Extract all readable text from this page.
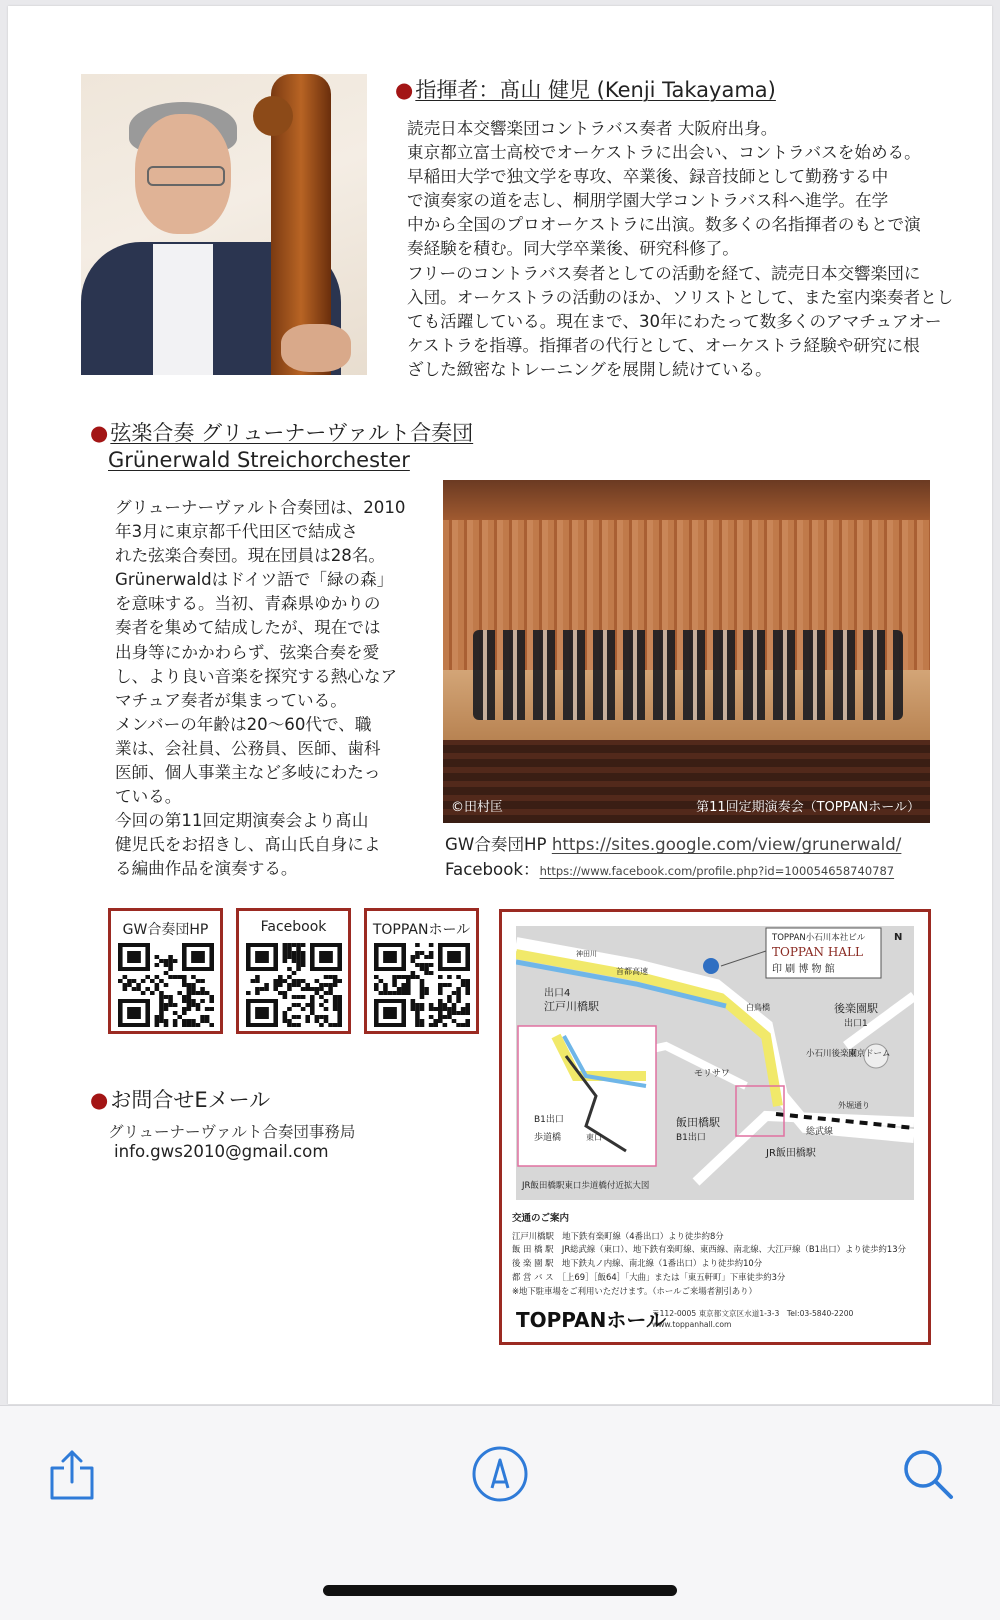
●指揮者：髙山 健児 (Kenji Takayama)

読売日本交響楽団コントラバス奏者 大阪府出身。

東京都立富士高校でオーケストラに出会い、コントラバスを始める。

早稲田大学で独文学を専攻、卒業後、録音技師として勤務する中

で演奏家の道を志し、桐朋学園大学コントラバス科へ進学。在学

中から全国のプロオーケストラに出演。数多くの名指揮者のもとで演

奏経験を積む。同大学卒業後、研究科修了。

フリーのコントラバス奏者としての活動を経て、読売日本交響楽団に

入団。オーケストラの活動のほか、ソリストとして、また室内楽奏者とし

ても活躍している。現在まで、30年にわたって数多くのアマチュアオー

ケストラを指導。指揮者の代行として、オーケストラ経験や研究に根

ざした緻密なトレーニングを展開し続けている。

●弦楽合奏 グリューナーヴァルト合奏団
Grünerwald Streichorchester

グリューナーヴァルト合奏団は、2010

年3月に東京都千代田区で結成さ

れた弦楽合奏団。現在団員は28名。

Grünerwaldはドイツ語で「緑の森」

を意味する。当初、青森県ゆかりの

奏者を集めて結成したが、現在では

出身等にかかわらず、弦楽合奏を愛

し、より良い音楽を探究する熱心なア

マチュア奏者が集まっている。

メンバーの年齢は20〜60代で、職

業は、会社員、公務員、医師、歯科

医師、個人事業主など多岐にわたっ

ている。

今回の第11回定期演奏会より髙山

健児氏をお招きし、髙山氏自身によ

る編曲作品を演奏する。

©田村匡	第11回定期演奏会（TOPPANホール）
GW合奏団HP https://sites.google.com/view/grunerwald/
Facebook：https://www.facebook.com/profile.php?id=100054658740787
GW合奏団HP	Facebook	TOPPANホール
●お問合せEメール
グリューナーヴァルト合奏団事務局
info.gws2010@gmail.com
TOPPAN小石川本社ビル
TOPPAN HALL
印 刷 博 物 館
N
出口4
江戸川橋駅	後楽園駅
出口1
飯田橋駅
B1出口
JR飯田橋駅
小石川後楽園
東京ドーム
首都高速
外堀通り
総武線
モリサワ
白鳥橋
神田川
B1出口
歩道橋	東口
JR飯田橋駅東口歩道橋付近拡大図

交通のご案内

江戸川橋駅　地下鉄有楽町線（4番出口）より徒歩約8分

飯 田 橋 駅　JR総武線（東口）、地下鉄有楽町線、東西線、南北線、大江戸線（B1出口）より徒歩約13分

後 楽 園 駅　地下鉄丸ノ内線、南北線（1番出口）より徒歩約10分

都 営 バ ス　［上69］［飯64］「大曲」または「東五軒町」下車徒歩約3分

※地下駐車場をご利用いただけます。（ホールご来場者割引あり）

TOPPANホール
〒112-0005 東京都文京区水道1-3-3　Tel:03-5840-2200
www.toppanhall.com
